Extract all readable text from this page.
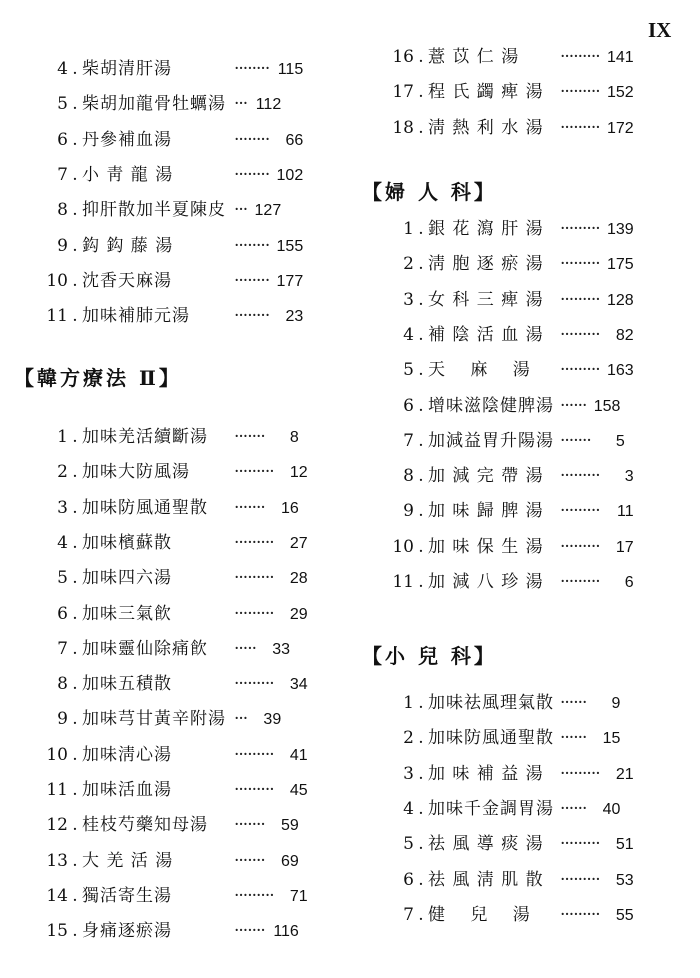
IX
4 . 柴胡清肝湯	········ 115
5 . 柴胡加龍骨牡蠣湯 ··· 112
6 . 丹參補血湯	········ 66
7 . 小 靑 龍 湯	········ 102
8 . 抑肝散加半夏陳皮 ··· 127
9 . 鈎 鈎 藤 湯	········ 155
10 . 沈香天麻湯	········ 177
11 . 加味補肺元湯	········ 23
【韓方療法 Ⅱ】
1 . 加味羌活續斷湯 ······· 8
2 . 加味大防風湯	········· 12
3 . 加味防風通聖散 ······· 16
4 . 加味檳蘇散	········· 27
5 . 加味四六湯	········· 28
6 . 加味三氣飮	········· 29
7 . 加味靈仙除痛飮 ····· 33
8 . 加味五積散	········· 34
9 . 加味芎甘黃辛附湯 ··· 39
10 . 加味淸心湯	········· 41
11 . 加味活血湯	········· 45
12 . 桂枝芍藥知母湯 ······· 59
13 . 大 羌 活 湯	······· 69
14 . 獨活寄生湯	········· 71
15 . 身痛逐瘀湯	······· 116
16 . 薏 苡 仁 湯 ········· 141
17 . 程 氏 蠲 痺 湯 ········· 152
18 . 淸 熱 利 水 湯 ········· 172
【婦 人 科】
1 . 銀 花 瀉 肝 湯 ········· 139
2 . 淸 胞 逐 瘀 湯 ········· 175
3 . 女 科 三 痺 湯 ········· 128
4 . 補 陰 活 血 湯 ········· 82
5 . 天　 麻　 湯 ········· 163
6 . 增味滋陰健脾湯 ······ 158
7 . 加減益胃升陽湯 ······· 5
8 . 加 減 完 帶 湯 ········· 3
9 . 加 味 歸 脾 湯 ········· 11
10 . 加 味 保 生 湯 ········· 17
11 . 加 減 八 珍 湯 ········· 6
【小 兒 科】
1 . 加味祛風理氣散 ······ 9
2 . 加味防風通聖散 ······ 15
3 . 加 味 補 益 湯 ········· 21
4 . 加味千金調胃湯 ······ 40
5 . 祛 風 導 痰 湯 ········· 51
6 . 祛 風 淸 肌 散 ········· 53
7 . 健　 兒　 湯 ········· 55
